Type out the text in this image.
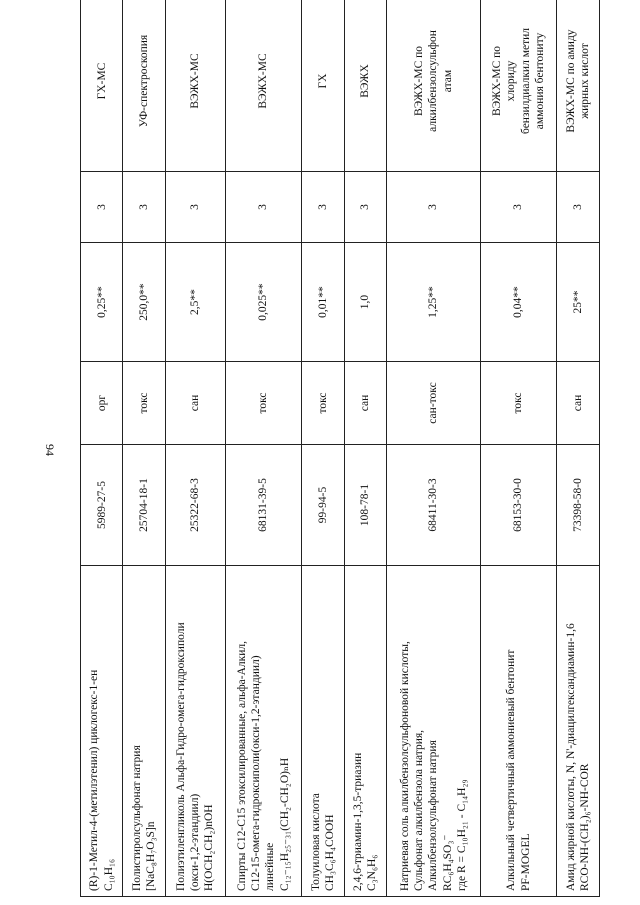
94
(R)-1-Метил-4-(метилэтенил) циклогекс-1-ен C₁₀H₁₆	5989-27-5	орг	0,25**	3	ГХ-МС

Полистиролсульфонат натрия [NaC₈H₇O₃S]n	25704-18-1	токс	250,0**	3	УФ-спектроскопия

Полиэтиленгликоль Альфа-Гидро-омега-гидроксиполи (окси-1,2-этандиил) H(OCH₂CH₂)nOH	25322-68-3	сан	2,5**	3	ВЭЖХ-МС

Спирты C12-C15 этоксилированные, альфа-Алкил, C12-15-омега-гидроксиполи(окси-1,2-этандиил) линейные C₁₂₋₁₅H₂₅₋₃₁(CH₂-CH₂O)ₙH	68131-39-5	токс	0,025**	3	ВЭЖХ-МС

Толуиловая кислота CH₃C₆H₄COOH	99-94-5	токс	0,01**	3	ГХ

2,4,6-триамин-1,3,5-триазин C₃N₆H₆	108-78-1	сан	1,0	3	ВЭЖХ

Натриевая соль алкилбензолсульфоновой кислоты, Сульфонат алкилбензола натрия, Алкилбензолсульфонат натрия RC₆H₄SO₃⁻ где R = C₁₀H₂₁ - C₁₄H₂₉	68411-30-3	сан-токс	1,25**	3	ВЭЖХ-МС по алкилбензолсульфон атам

Алкильный четвертичный аммониевый бентонит PF-MOGEL	68153-30-0	токс	0,04**	3	ВЭЖХ-МС по хлориду бензилдиалкил метил аммония бентониту

Амид жирной кислоты, N, N'-диацилгександиамин-1,6 RCO-NH-(CH₂)₆-NH-COR	73398-58-0	сан	25**	3	ВЭЖХ-МС по амиду жирных кислот
